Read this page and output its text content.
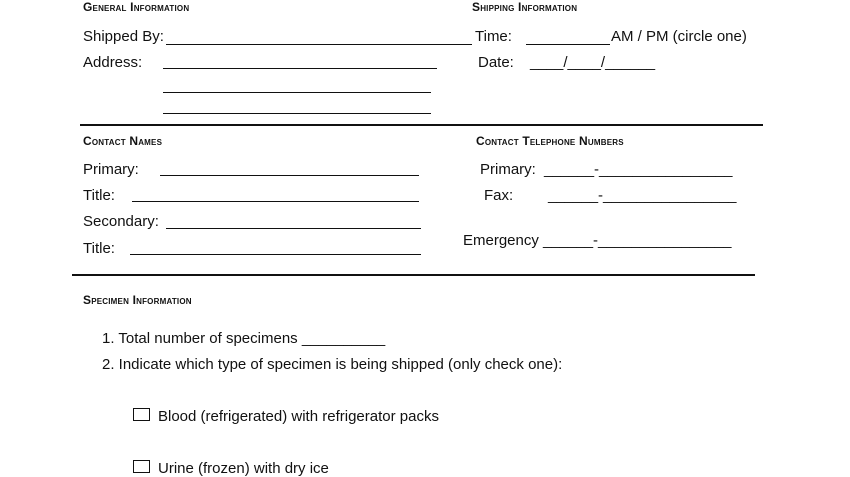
General Information
Shipped By:
Address:
Shipping Information
Time:	AM / PM (circle one)
Date: ____/____/______
Contact Names
Primary:
Title:
Secondary:
Title:
Contact Telephone Numbers
Primary: ______-________________
Fax: ______-________________
Emergency ______-________________
Specimen Information
1. Total number of specimens __________
2. Indicate which type of specimen is being shipped (only check one):
Blood (refrigerated) with refrigerator packs
Urine (frozen) with dry ice
